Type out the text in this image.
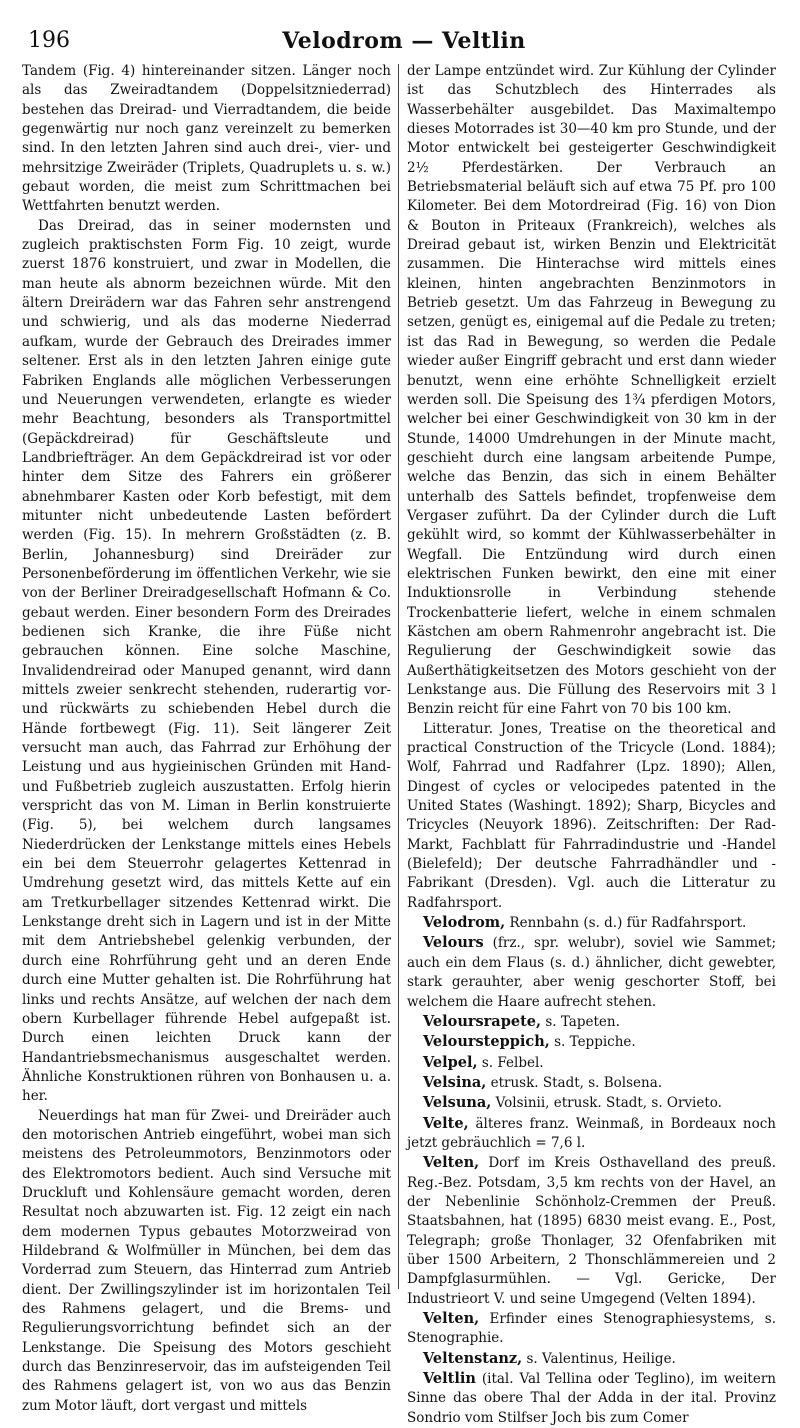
196	Velodrom — Veltlin

Tandem (Fig. 4) hintereinander sitzen. Länger noch als das Zweiradtandem (Doppelsitzniederrad) bestehen das Dreirad- und Vierradtandem, die beide gegenwärtig nur noch ganz vereinzelt zu bemerken sind. In den letzten Jahren sind auch drei-, vier- und mehrsitzige Zweiräder (Triplets, Quadruplets u. s. w.) gebaut worden, die meist zum Schrittmachen bei Wettfahrten benutzt werden.

Das Dreirad, das in seiner modernsten und zugleich praktischsten Form Fig. 10 zeigt, wurde zuerst 1876 konstruiert, und zwar in Modellen, die man heute als abnorm bezeichnen würde. Mit den ältern Dreirädern war das Fahren sehr anstrengend und schwierig, und als das moderne Niederrad aufkam, wurde der Gebrauch des Dreirades immer seltener. Erst als in den letzten Jahren einige gute Fabriken Englands alle möglichen Verbesserungen und Neuerungen verwendeten, erlangte es wieder mehr Beachtung, besonders als Transportmittel (Gepäckdreirad) für Geschäftsleute und Landbriefträger. An dem Gepäckdreirad ist vor oder hinter dem Sitze des Fahrers ein größerer abnehmbarer Kasten oder Korb befestigt, mit dem mitunter nicht unbedeutende Lasten befördert werden (Fig. 15). In mehrern Großstädten (z. B. Berlin, Johannesburg) sind Dreiräder zur Personenbeförderung im öffentlichen Verkehr, wie sie von der Berliner Dreiradgesellschaft Hofmann & Co. gebaut werden. Einer besondern Form des Dreirades bedienen sich Kranke, die ihre Füße nicht gebrauchen können. Eine solche Maschine, Invalidendreirad oder Manuped genannt, wird dann mittels zweier senkrecht stehenden, ruderartig vor- und rückwärts zu schiebenden Hebel durch die Hände fortbewegt (Fig. 11). Seit längerer Zeit versucht man auch, das Fahrrad zur Erhöhung der Leistung und aus hygieinischen Gründen mit Hand- und Fußbetrieb zugleich auszustatten. Erfolg hierin verspricht das von M. Liman in Berlin konstruierte (Fig. 5), bei welchem durch langsames Niederdrücken der Lenkstange mittels eines Hebels ein bei dem Steuerrohr gelagertes Kettenrad in Umdrehung gesetzt wird, das mittels Kette auf ein am Tretkurbellager sitzendes Kettenrad wirkt. Die Lenkstange dreht sich in Lagern und ist in der Mitte mit dem Antriebshebel gelenkig verbunden, der durch eine Rohrführung geht und an deren Ende durch eine Mutter gehalten ist. Die Rohrführung hat links und rechts Ansätze, auf welchen der nach dem obern Kurbellager führende Hebel aufgepaßt ist. Durch einen leichten Druck kann der Handantriebsmechanismus ausgeschaltet werden. Ähnliche Konstruktionen rühren von Bonhausen u. a. her.

Neuerdings hat man für Zwei- und Dreiräder auch den motorischen Antrieb eingeführt, wobei man sich meistens des Petroleummotors, Benzinmotors oder des Elektromotors bedient. Auch sind Versuche mit Druckluft und Kohlensäure gemacht worden, deren Resultat noch abzuwarten ist. Fig. 12 zeigt ein nach dem modernen Typus gebautes Motorzweirad von Hildebrand & Wolfmüller in München, bei dem das Vorderrad zum Steuern, das Hinterrad zum Antrieb dient. Der Zwillingszylinder ist im horizontalen Teil des Rahmens gelagert, und die Brems- und Regulierungsvorrichtung befindet sich an der Lenkstange. Die Speisung des Motors geschieht durch das Benzinreservoir, das im aufsteigenden Teil des Rahmens gelagert ist, von wo aus das Benzin zum Motor läuft, dort vergast und mittels

der Lampe entzündet wird. Zur Kühlung der Cylinder ist das Schutzblech des Hinterrades als Wasserbehälter ausgebildet. Das Maximaltempo dieses Motorrades ist 30—40 km pro Stunde, und der Motor entwickelt bei gesteigerter Geschwindigkeit 2½ Pferdestärken. Der Verbrauch an Betriebsmaterial beläuft sich auf etwa 75 Pf. pro 100 Kilometer. Bei dem Motordreirad (Fig. 16) von Dion & Bouton in Priteaux (Frankreich), welches als Dreirad gebaut ist, wirken Benzin und Elektricität zusammen. Die Hinterachse wird mittels eines kleinen, hinten angebrachten Benzinmotors in Betrieb gesetzt. Um das Fahrzeug in Bewegung zu setzen, genügt es, einigemal auf die Pedale zu treten; ist das Rad in Bewegung, so werden die Pedale wieder außer Eingriff gebracht und erst dann wieder benutzt, wenn eine erhöhte Schnelligkeit erzielt werden soll. Die Speisung des 1¾ pferdigen Motors, welcher bei einer Geschwindigkeit von 30 km in der Stunde, 14000 Umdrehungen in der Minute macht, geschieht durch eine langsam arbeitende Pumpe, welche das Benzin, das sich in einem Behälter unterhalb des Sattels befindet, tropfenweise dem Vergaser zuführt. Da der Cylinder durch die Luft gekühlt wird, so kommt der Kühlwasserbehälter in Wegfall. Die Entzündung wird durch einen elektrischen Funken bewirkt, den eine mit einer Induktionsrolle in Verbindung stehende Trockenbatterie liefert, welche in einem schmalen Kästchen am obern Rahmenrohr angebracht ist. Die Regulierung der Geschwindigkeit sowie das Außerthätigkeitsetzen des Motors geschieht von der Lenkstange aus. Die Füllung des Reservoirs mit 3 l Benzin reicht für eine Fahrt von 70 bis 100 km.

Litteratur. Jones, Treatise on the theoretical and practical Construction of the Tricycle (Lond. 1884); Wolf, Fahrrad und Radfahrer (Lpz. 1890); Allen, Dingest of cycles or velocipedes patented in the United States (Washingt. 1892); Sharp, Bicycles and Tricycles (Neuyork 1896). Zeitschriften: Der Rad-Markt, Fachblatt für Fahrradindustrie und -Handel (Bielefeld); Der deutsche Fahrradhändler und -Fabrikant (Dresden). Vgl. auch die Litteratur zu Radfahrsport.

Velodrom, Rennbahn (s. d.) für Radfahrsport.

Velours (frz., spr. welubr), soviel wie Sammet; auch ein dem Flaus (s. d.) ähnlicher, dicht gewebter, stark gerauhter, aber wenig geschorter Stoff, bei welchem die Haare aufrecht stehen.

Veloursrapete, s. Tapeten.

Veloursteppich, s. Teppiche.

Velpel, s. Felbel.

Velsina, etrusk. Stadt, s. Bolsena.

Velsuna, Volsinii, etrusk. Stadt, s. Orvieto.

Velte, älteres franz. Weinmaß, in Bordeaux noch jetzt gebräuchlich = 7,6 l.

Velten, Dorf im Kreis Osthavelland des preuß. Reg.-Bez. Potsdam, 3,5 km rechts von der Havel, an der Nebenlinie Schönholz-Cremmen der Preuß. Staatsbahnen, hat (1895) 6830 meist evang. E., Post, Telegraph; große Thonlager, 32 Ofenfabriken mit über 1500 Arbeitern, 2 Thonschlämmereien und 2 Dampfglasurmühlen. — Vgl. Gericke, Der Industrieort V. und seine Umgegend (Velten 1894).

Velten, Erfinder eines Stenographiesystems, s. Stenographie.

Veltenstanz, s. Valentinus, Heilige.

Veltlin (ital. Val Tellina oder Teglino), im weitern Sinne das obere Thal der Adda in der ital. Provinz Sondrio vom Stilfser Joch bis zum Comer
